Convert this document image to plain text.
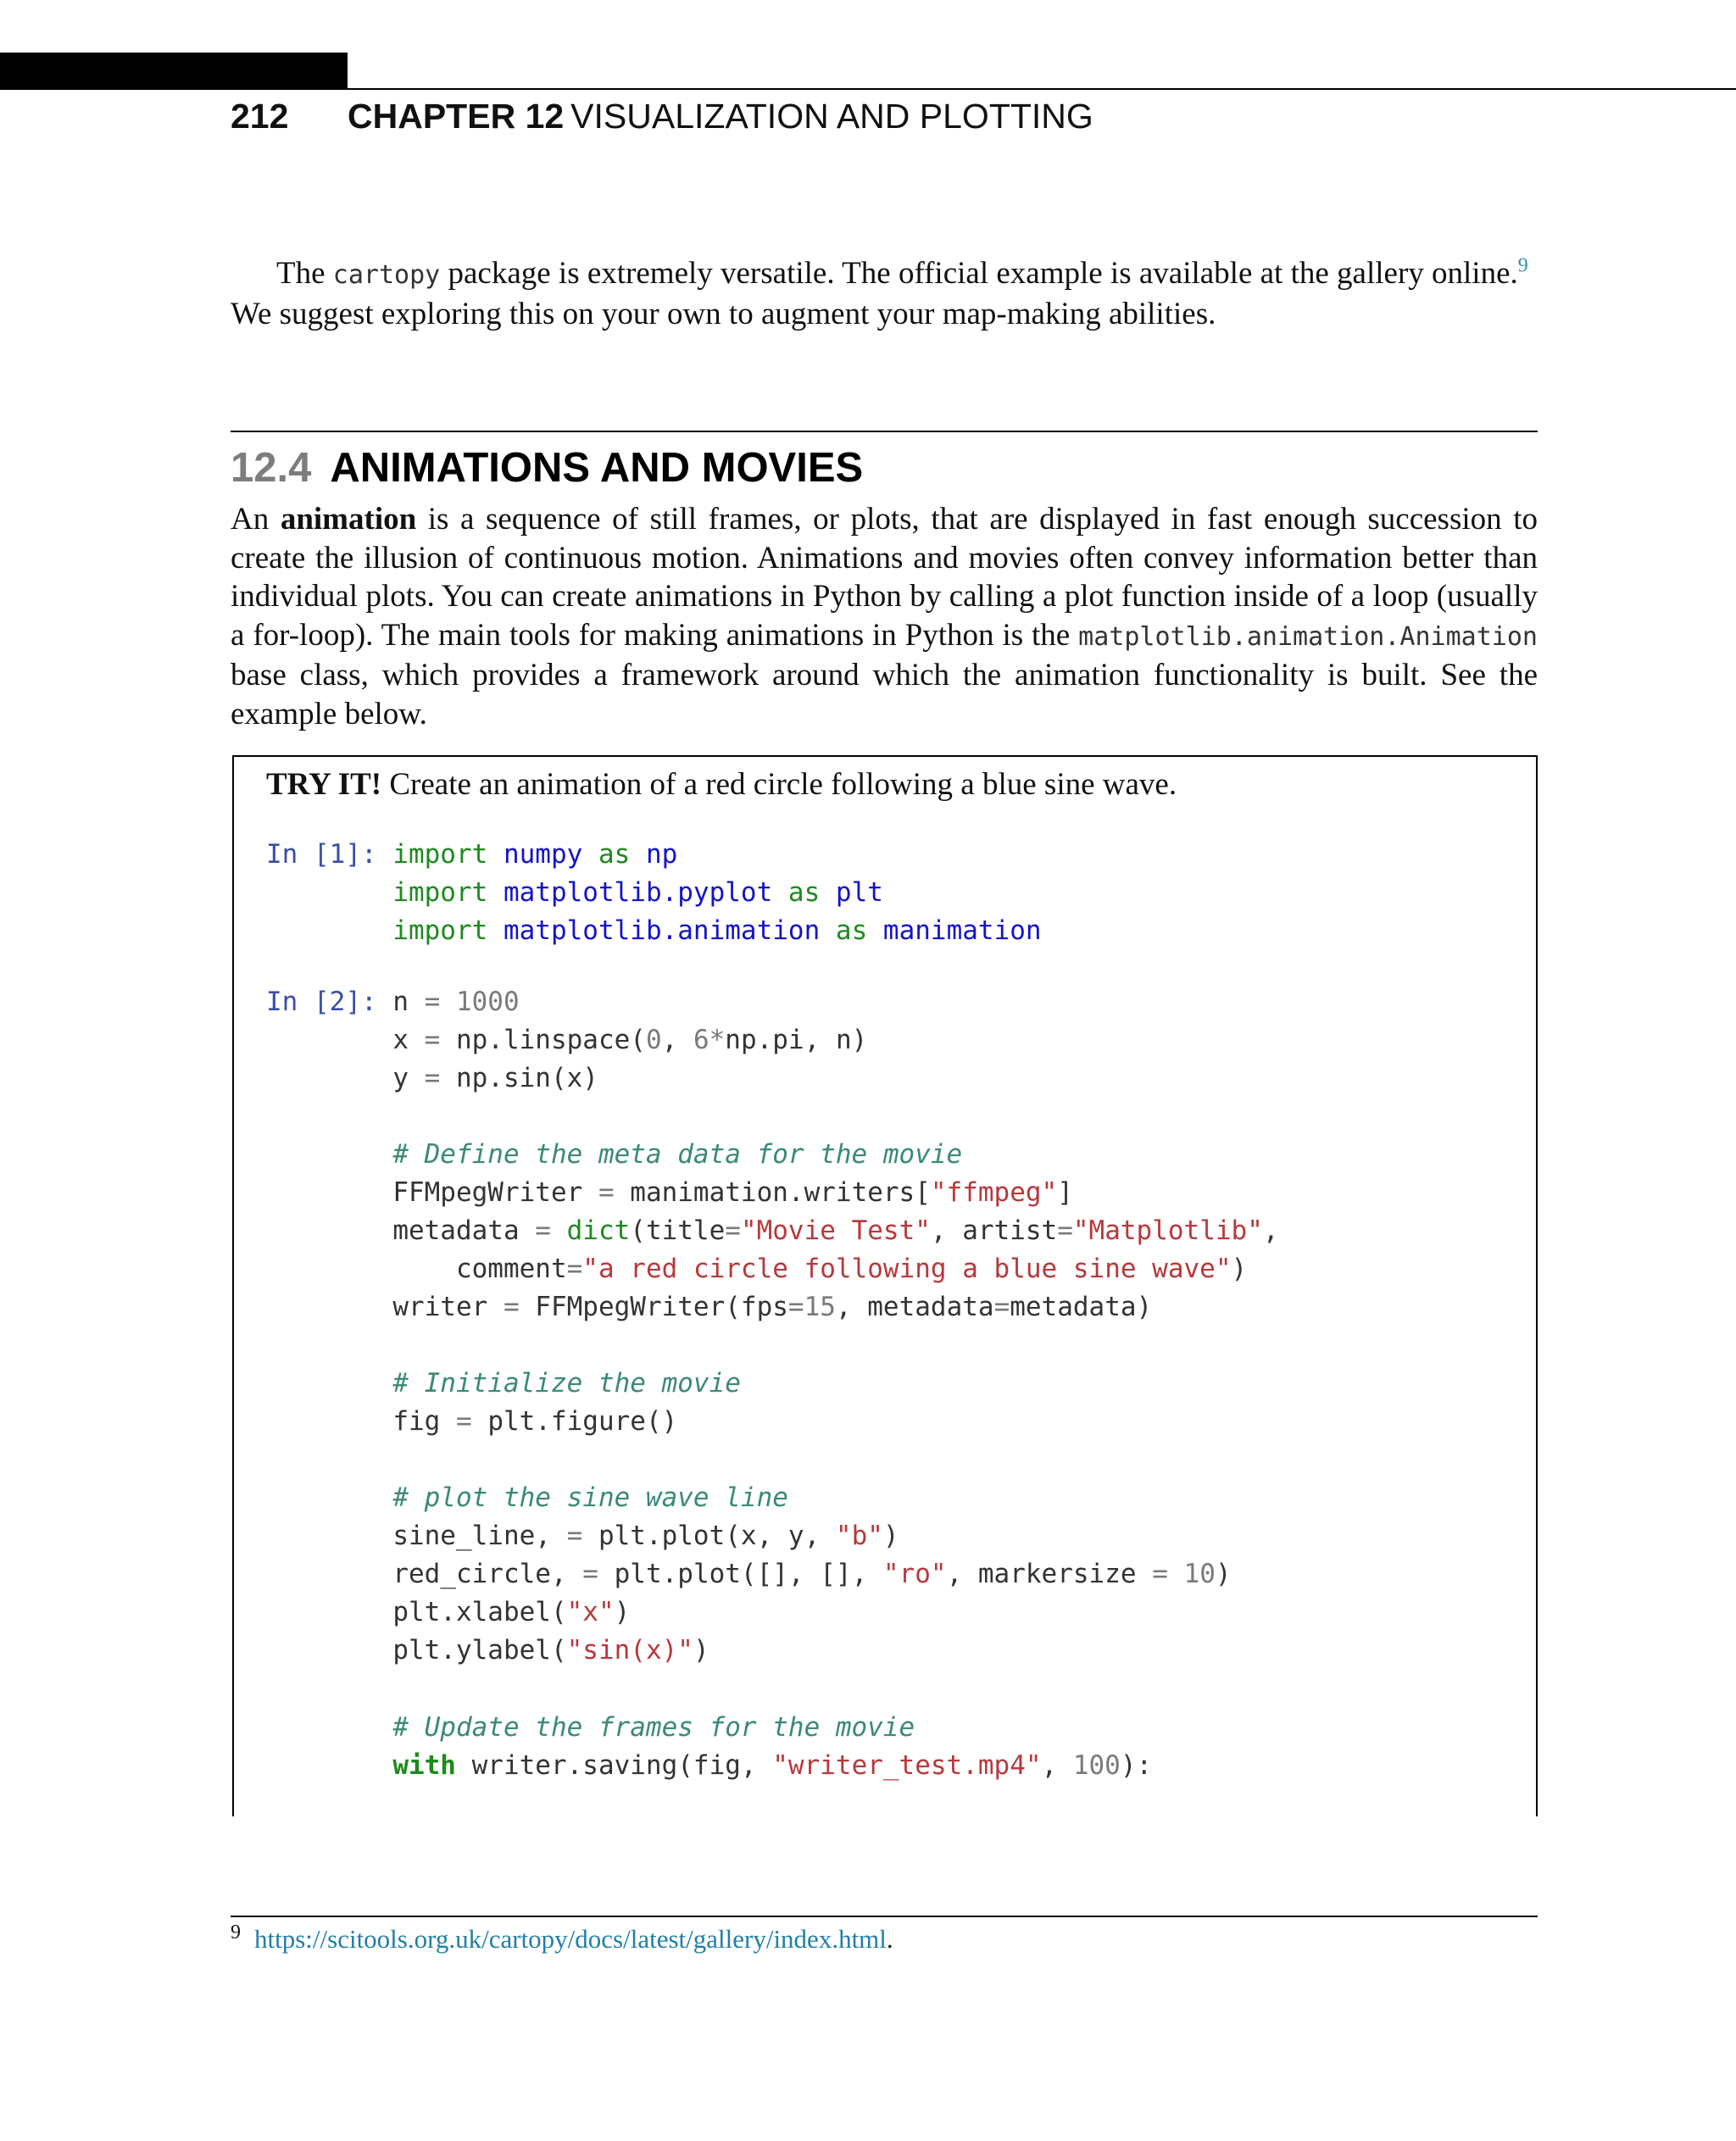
212 CHAPTER 12 VISUALIZATION AND PLOTTING
The cartopy package is extremely versatile. The official example is available at the gallery online.$^9$
We suggest exploring this on your own to augment your map-making abilities.
12.4 ANIMATIONS AND MOVIES
An animation is a sequence of still frames, or plots, that are displayed in fast enough succession to create the illusion of continuous motion. Animations and movies often convey information better than individual plots. You can create animations in Python by calling a plot function inside of a loop (usually a for-loop). The main tools for making animations in Python is the matplotlib.animation.Animation base class, which provides a framework around which the animation functionality is built. See the example below.
TRY IT! Create an animation of a red circle following a blue sine wave.
In [1]: import numpy as np
import matplotlib.pyplot as plt
import matplotlib.animation as manimation
In [2]: n = 1000
x = np.linspace(0, 6*np.pi, n)
y = np.sin(x)
# Define the meta data for the movie
FFMpegWriter = manimation.writers["ffmpeg"]
metadata = dict(title="Movie Test", artist="Matplotlib",
comment="a red circle following a blue sine wave")
writer = FFMpegWriter(fps=15, metadata=metadata)
# Initialize the movie
fig = plt.figure()
# plot the sine wave line
sine_line, = plt.plot(x, y, "b")
red_circle, = plt.plot([], [], "ro", markersize = 10)
plt.xlabel("x")
plt.ylabel("sin(x)")
# Update the frames for the movie
with writer.saving(fig, "writer_test.mp4", 100):
$^9$ https://scitools.org.uk/cartopy/docs/latest/gallery/index.html.
